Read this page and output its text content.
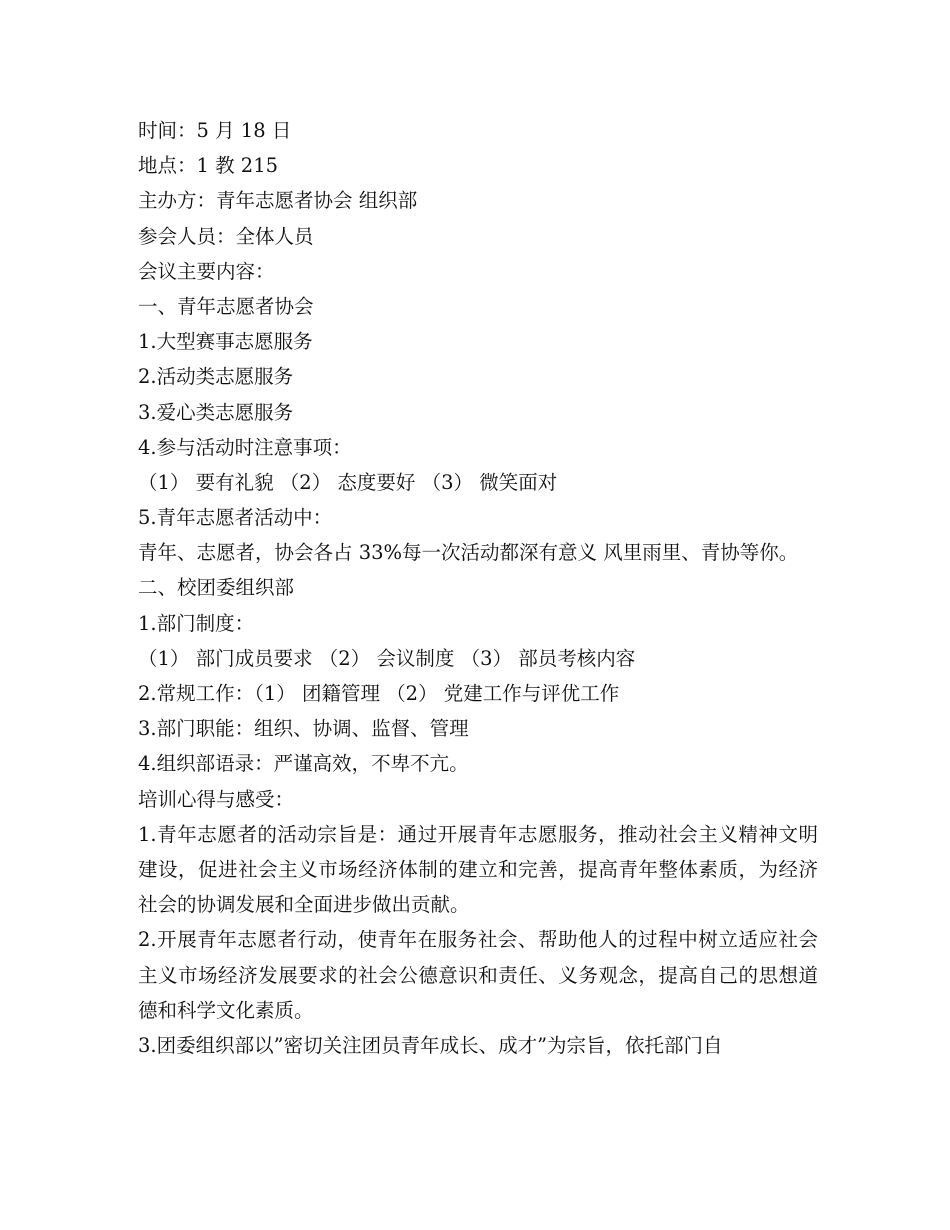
时间：5 月 18 日
地点：1 教 215
主办方：青年志愿者协会 组织部
参会人员：全体人员
会议主要内容：
一、青年志愿者协会
1.大型赛事志愿服务
2.活动类志愿服务
3.爱心类志愿服务
4.参与活动时注意事项：
（1） 要有礼貌 （2） 态度要好 （3） 微笑面对
5.青年志愿者活动中：
青年、志愿者，协会各占 33%每一次活动都深有意义 风里雨里、青协等你。
二、校团委组织部
1.部门制度：
（1） 部门成员要求 （2） 会议制度 （3） 部员考核内容
2.常规工作：（1） 团籍管理 （2） 党建工作与评优工作
3.部门职能：组织、协调、监督、管理
4.组织部语录：严谨高效，不卑不亢。
培训心得与感受：
1.青年志愿者的活动宗旨是：通过开展青年志愿服务，推动社会主义精神文明建设，促进社会主义市场经济体制的建立和完善，提高青年整体素质，为经济社会的协调发展和全面进步做出贡献。
2.开展青年志愿者行动，使青年在服务社会、帮助他人的过程中树立适应社会主义市场经济发展要求的社会公德意识和责任、义务观念，提高自己的思想道德和科学文化素质。
3.团委组织部以”密切关注团员青年成长、成才”为宗旨，依托部门自
